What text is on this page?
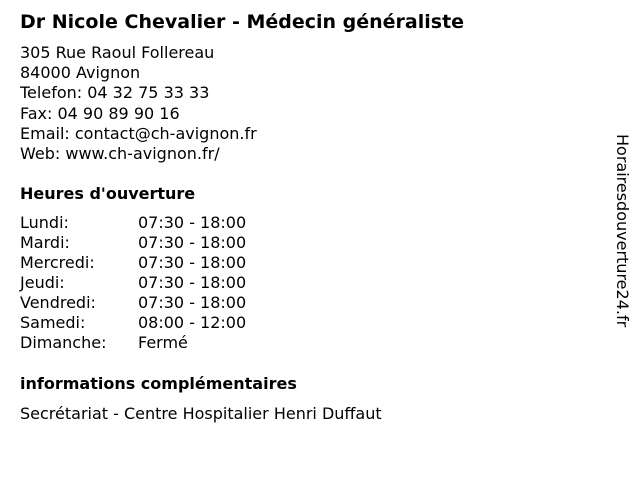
Dr Nicole Chevalier - Médecin généraliste
305 Rue Raoul Follereau
84000 Avignon
Telefon: 04 32 75 33 33
Fax: 04 90 89 90 16
Email: contact@ch-avignon.fr
Web: www.ch-avignon.fr/
Heures d'ouverture
Lundi:	07:30 - 18:00
Mardi:	07:30 - 18:00
Mercredi:	07:30 - 18:00
Jeudi:	07:30 - 18:00
Vendredi:	07:30 - 18:00
Samedi:	08:00 - 12:00
Dimanche:	Fermé
informations complémentaires
Secrétariat - Centre Hospitalier Henri Duffaut
Horairesdouverture24.fr
